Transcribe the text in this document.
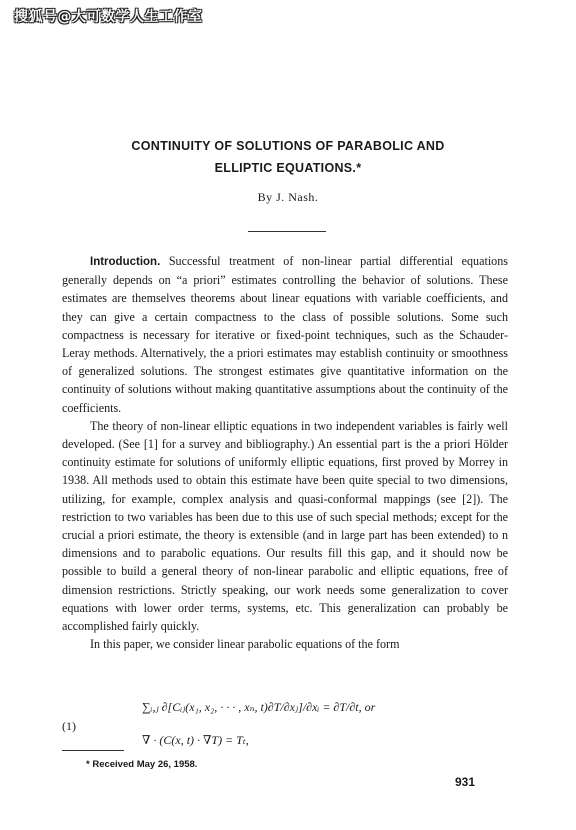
搜狐号@大可数学人生工作室
CONTINUITY OF SOLUTIONS OF PARABOLIC AND
ELLIPTIC EQUATIONS.*
By J. Nash.

Introduction. Successful treatment of non-linear partial differential equations generally depends on “a priori” estimates controlling the behavior of solutions. These estimates are themselves theorems about linear equations with variable coefficients, and they can give a certain compactness to the class of possible solutions. Some such compactness is necessary for iterative or fixed-point techniques, such as the Schauder-Leray methods. Alternatively, the a priori estimates may establish continuity or smoothness of generalized solutions. The strongest estimates give quantitative information on the continuity of solutions without making quantitative assumptions about the continuity of the coefficients.

The theory of non-linear elliptic equations in two independent variables is fairly well developed. (See [1] for a survey and bibliography.) An essential part is the a priori Hölder continuity estimate for solutions of uniformly elliptic equations, first proved by Morrey in 1938. All methods used to obtain this estimate have been quite special to two dimensions, utilizing, for example, complex analysis and quasi-conformal mappings (see [2]). The restriction to two variables has been due to this use of such special methods; except for the crucial a priori estimate, the theory is extensible (and in large part has been extended) to n dimensions and to parabolic equations. Our results fill this gap, and it should now be possible to build a general theory of non-linear parabolic and elliptic equations, free of dimension restrictions. Strictly speaking, our work needs some generalization to cover equations with lower order terms, systems, etc. This generalization can probably be accomplished fairly quickly.

In this paper, we consider linear parabolic equations of the form

(1)
∑ᵢ,ⱼ ∂[Cᵢⱼ(x₁, x₂, · · · , xₙ, t)∂T/∂xⱼ]/∂xᵢ = ∂T/∂t, or
∇ · (C(x, t) · ∇T) = Tₜ,
* Received May 26, 1958.
931
